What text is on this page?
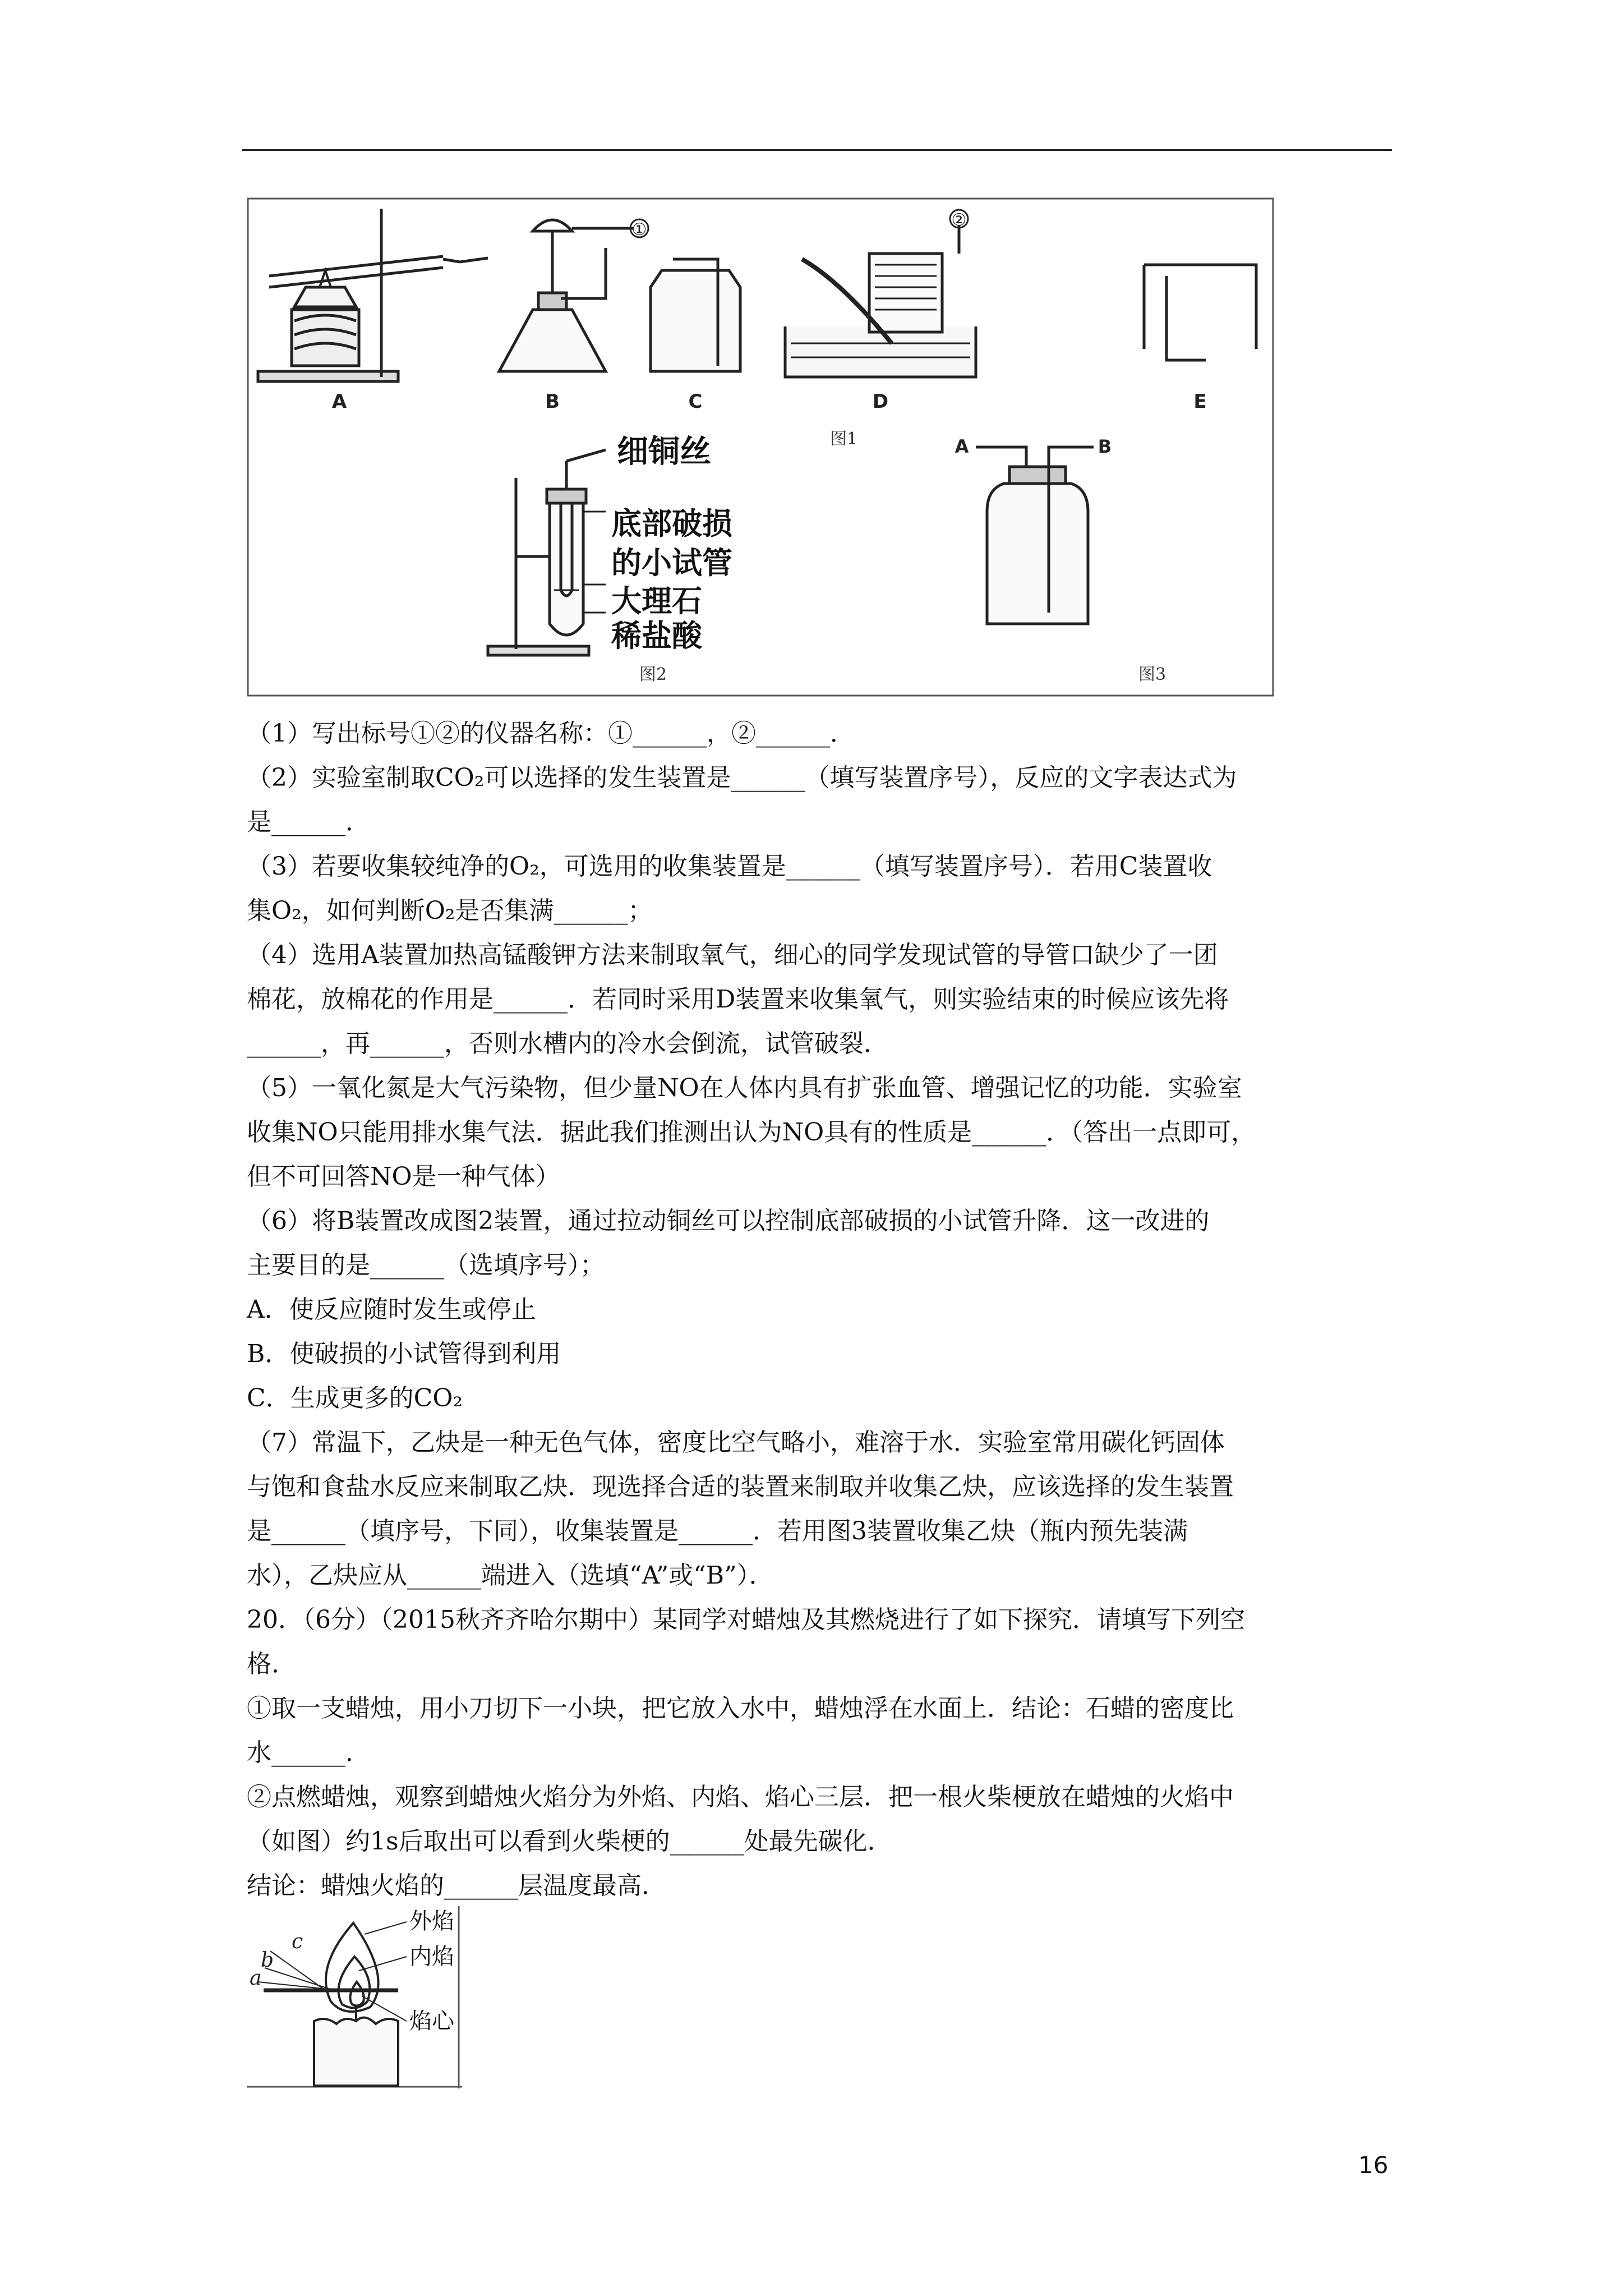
A
①
B	C
②
D	E
图1
细铜丝
底部破损
的小试管
大理石
稀盐酸
图2
A	B
图3

（1）写出标号①②的仪器名称：①______，②______．

（2）实验室制取CO₂可以选择的发生装置是______（填写装置序号），反应的文字表达式为

是______．

（3）若要收集较纯净的O₂，可选用的收集装置是______（填写装置序号）．若用C装置收

集O₂，如何判断O₂是否集满______；

（4）选用A装置加热高锰酸钾方法来制取氧气，细心的同学发现试管的导管口缺少了一团

棉花，放棉花的作用是______．若同时采用D装置来收集氧气，则实验结束的时候应该先将

______，再______，否则水槽内的冷水会倒流，试管破裂．

（5）一氧化氮是大气污染物，但少量NO在人体内具有扩张血管、增强记忆的功能．实验室

收集NO只能用排水集气法．据此我们推测出认为NO具有的性质是______．（答出一点即可，

但不可回答NO是一种气体）

（6）将B装置改成图2装置，通过拉动铜丝可以控制底部破损的小试管升降．这一改进的

主要目的是______（选填序号）；

A．使反应随时发生或停止

B．使破损的小试管得到利用

C．生成更多的CO₂

（7）常温下，乙炔是一种无色气体，密度比空气略小，难溶于水．实验室常用碳化钙固体

与饱和食盐水反应来制取乙炔．现选择合适的装置来制取并收集乙炔，应该选择的发生装置

是______（填序号，下同），收集装置是______．若用图3装置收集乙炔（瓶内预先装满

水），乙炔应从______端进入（选填“A”或“B”）．

20．（6分）（2015秋齐齐哈尔期中）某同学对蜡烛及其燃烧进行了如下探究．请填写下列空

格．

①取一支蜡烛，用小刀切下一小块，把它放入水中，蜡烛浮在水面上．结论：石蜡的密度比

水______．

②点燃蜡烛，观察到蜡烛火焰分为外焰、内焰、焰心三层．把一根火柴梗放在蜡烛的火焰中

（如图）约1s后取出可以看到火柴梗的______处最先碳化．

结论：蜡烛火焰的______层温度最高．

c
b
a
外焰
内焰
焰心
16
